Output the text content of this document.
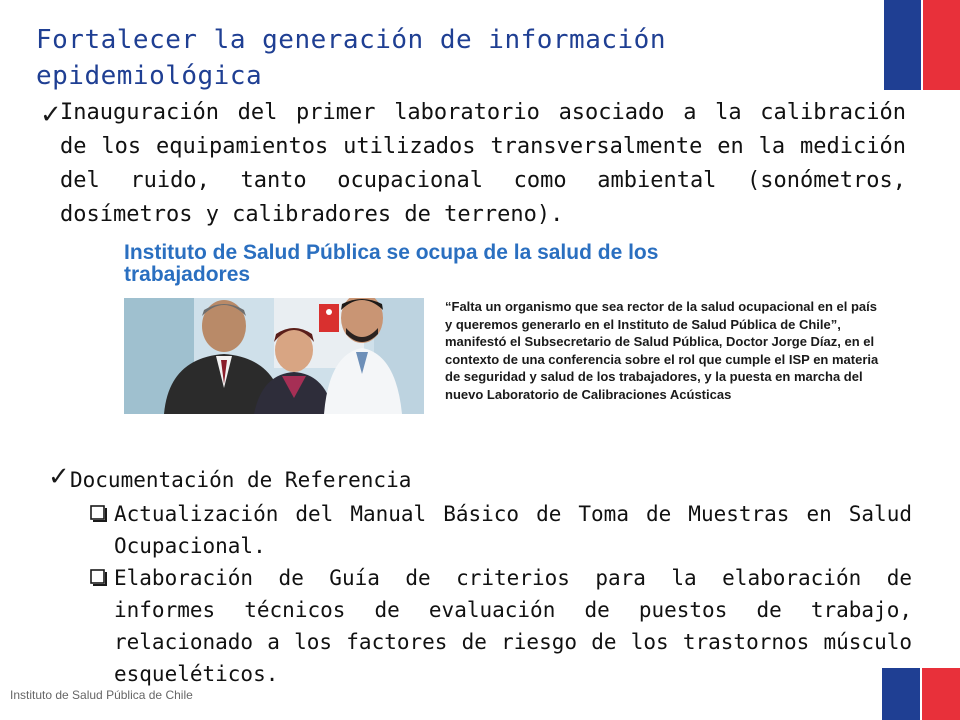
Fortalecer la generación de información epidemiológica
✓
Inauguración del primer laboratorio asociado a la calibración de los equipamientos utilizados transversalmente en la medición del ruido, tanto ocupacional como ambiental (sonómetros, dosímetros y calibradores de terreno).
Instituto de Salud Pública se ocupa de la salud de los trabajadores
“Falta un organismo que sea rector de la salud ocupacional en el país y queremos generarlo en el Instituto de Salud Pública de Chile”, manifestó el Subsecretario de Salud Pública, Doctor Jorge Díaz, en el contexto de una conferencia sobre el rol que cumple el ISP en materia de seguridad y salud de los trabajadores, y la puesta en marcha del nuevo Laboratorio de Calibraciones Acústicas
✓ Documentación de Referencia
Actualización del Manual Básico de Toma de Muestras en Salud Ocupacional.
Elaboración de Guía de criterios para la elaboración de informes técnicos de evaluación de puestos de trabajo, relacionado a los factores de riesgo de los trastornos músculo esqueléticos.
Instituto de Salud Pública de Chile
